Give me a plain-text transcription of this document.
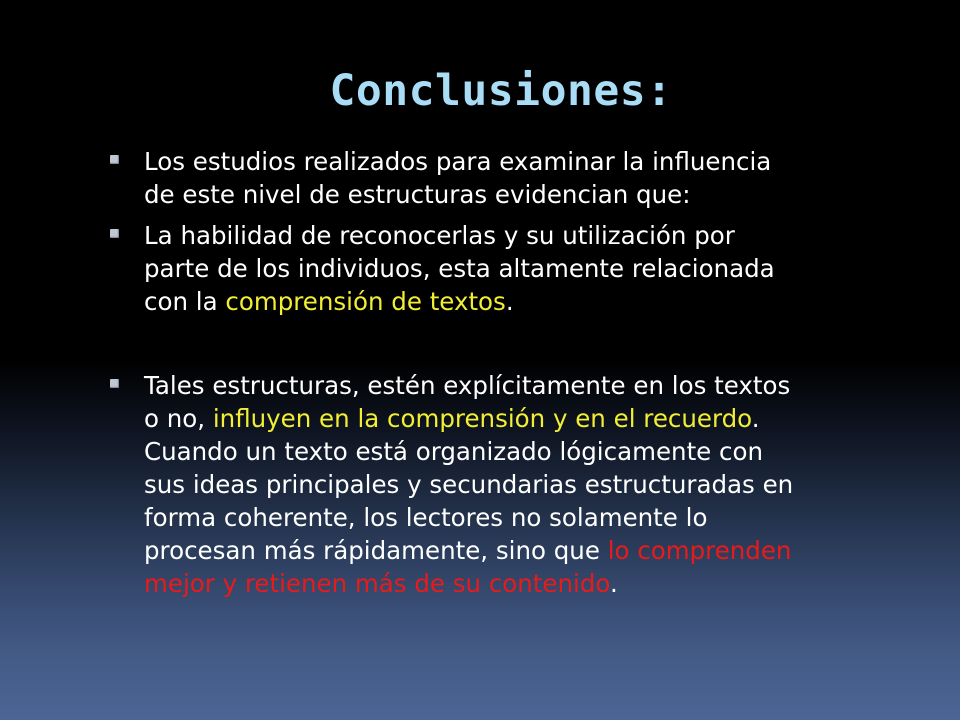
Conclusiones:
Los estudios realizados para examinar la influencia
de este nivel de estructuras evidencian que:
La habilidad de reconocerlas y su utilización por
parte de los individuos, esta altamente relacionada
con la comprensión de textos.
Tales estructuras, estén explícitamente en los textos
o no, influyen en la comprensión y en el recuerdo.
Cuando un texto está organizado lógicamente con
sus ideas principales y secundarias estructuradas en
forma coherente, los lectores no solamente lo
procesan más rápidamente, sino que lo comprenden
mejor y retienen más de su contenido.
